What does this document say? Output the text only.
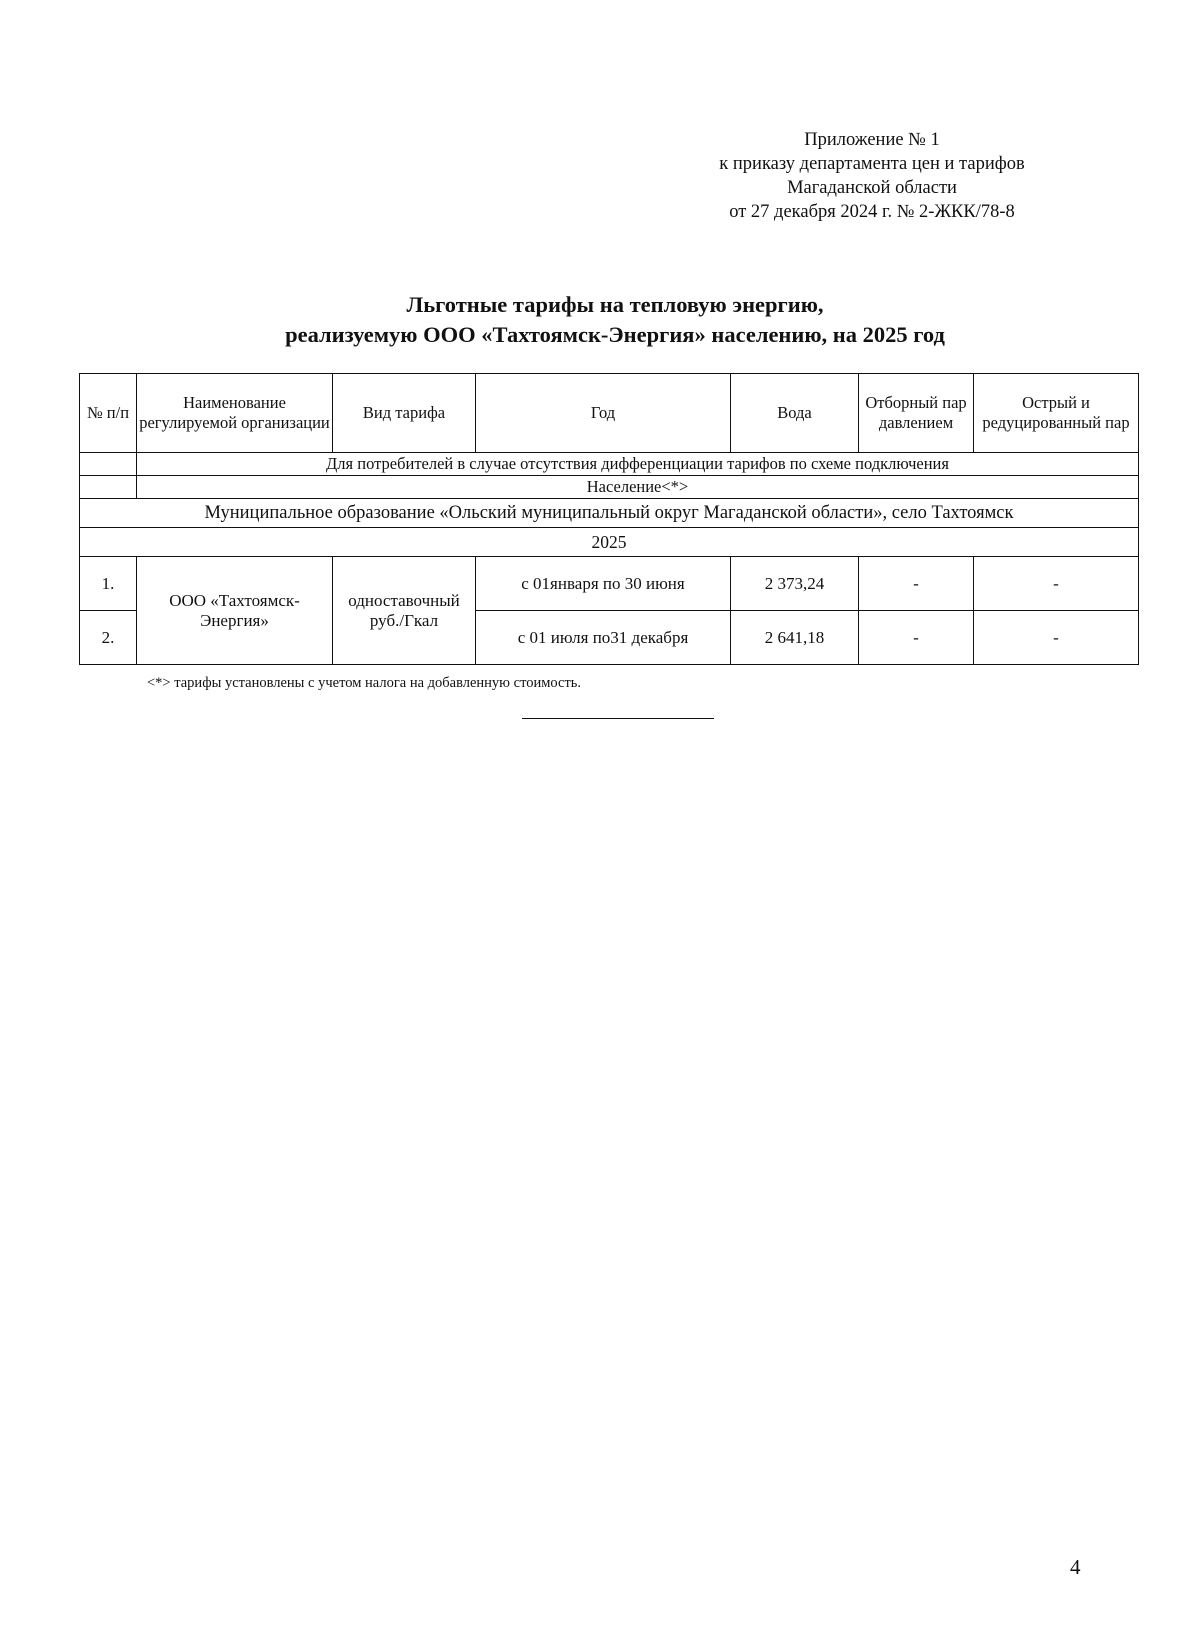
Приложение № 1
к приказу департамента цен и тарифов
Магаданской области
от 27 декабря 2024 г. № 2-ЖКК/78-8
Льготные тарифы на тепловую энергию,
реализуемую ООО «Тахтоямск-Энергия» населению, на 2025 год
№ п/п	Наименование регулируемой организации	Вид тарифа	Год	Вода	Отборный пар давлением	Острый и редуцированный пар
	Для потребителей в случае отсутствия дифференциации тарифов по схеме подключения					
	Население<*>					
Муниципальное образование «Ольский муниципальный округ Магаданской области», село Тахтоямск						
2025						
1.	ООО «Тахтоямск-Энергия»	одноставочный руб./Гкал	с 01января по 30 июня	2 373,24	-	-
2.			с 01 июля по31 декабря	2 641,18	-	-
<*> тарифы установлены с учетом налога на добавленную стоимость.
4
